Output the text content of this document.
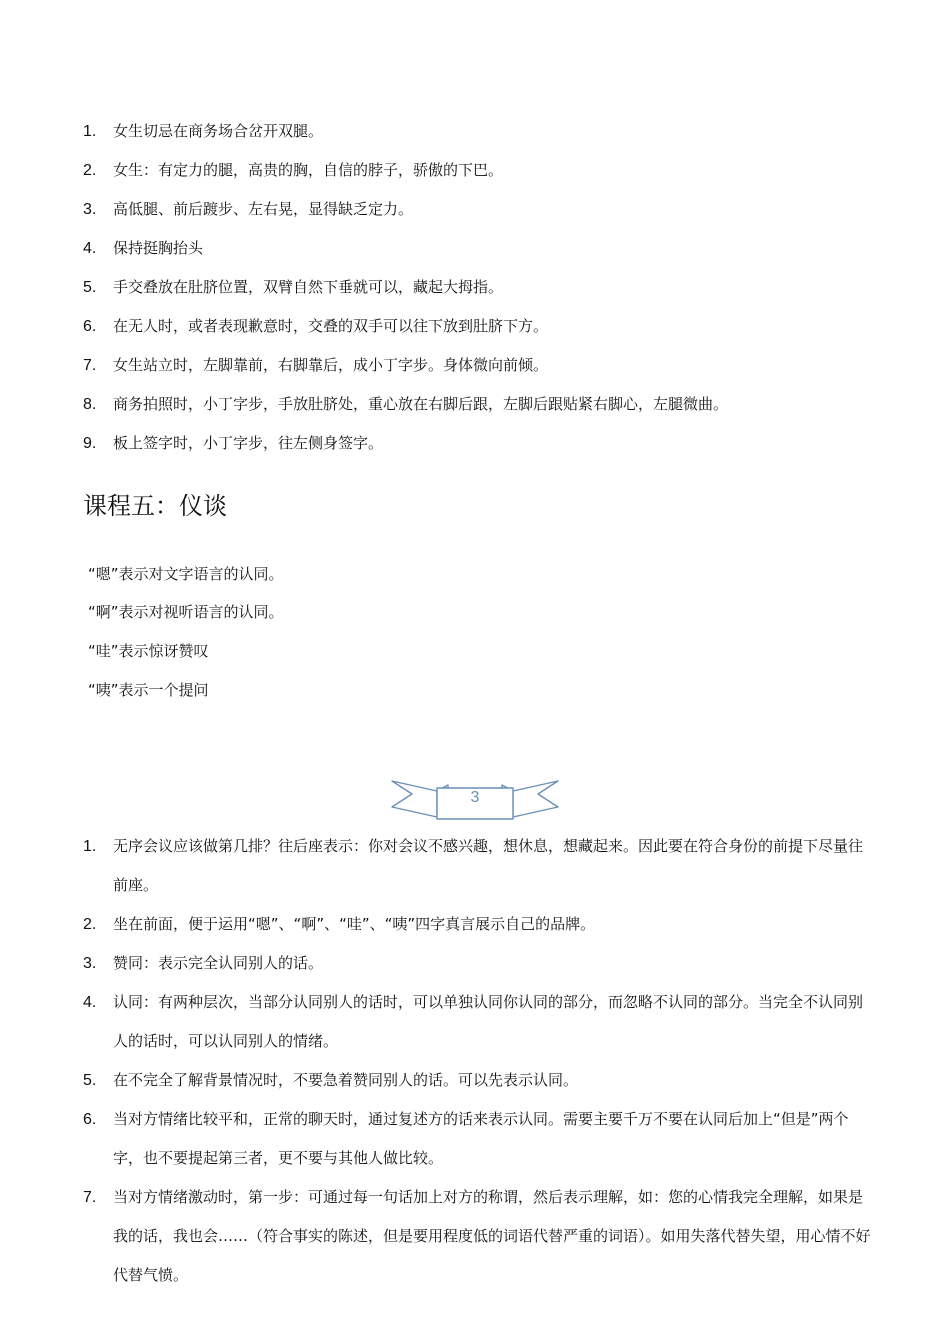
1.	女生切忌在商务场合岔开双腿。
2.	女生：有定力的腿，高贵的胸，自信的脖子，骄傲的下巴。
3.	高低腿、前后踱步、左右晃，显得缺乏定力。
4.	保持挺胸抬头
5.	手交叠放在肚脐位置，双臂自然下垂就可以，藏起大拇指。
6.	在无人时，或者表现歉意时，交叠的双手可以往下放到肚脐下方。
7.	女生站立时，左脚靠前，右脚靠后，成小丁字步。身体微向前倾。
8.	商务拍照时，小丁字步，手放肚脐处，重心放在右脚后跟，左脚后跟贴紧右脚心，左腿微曲。
9.	板上签字时，小丁字步，往左侧身签字。
课程五：仪谈
“嗯”表示对文字语言的认同。
“啊”表示对视听语言的认同。
“哇”表示惊讶赞叹
“咦”表示一个提问
3
1.	无序会议应该做第几排？往后座表示：你对会议不感兴趣，想休息，想藏起来。因此要在符合身份的前提下尽量往前座。
2.	坐在前面，便于运用“嗯”、“啊”、“哇”、“咦”四字真言展示自己的品牌。
3.	赞同：表示完全认同别人的话。
4.	认同：有两种层次，当部分认同别人的话时，可以单独认同你认同的部分，而忽略不认同的部分。当完全不认同别人的话时，可以认同别人的情绪。
5.	在不完全了解背景情况时，不要急着赞同别人的话。可以先表示认同。
6.	当对方情绪比较平和，正常的聊天时，通过复述方的话来表示认同。需要主要千万不要在认同后加上“但是”两个字，也不要提起第三者，更不要与其他人做比较。
7.	当对方情绪激动时，第一步：可通过每一句话加上对方的称谓，然后表示理解，如：您的心情我完全理解，如果是我的话，我也会……（符合事实的陈述，但是要用程度低的词语代替严重的词语）。如用失落代替失望，用心情不好代替气愤。
